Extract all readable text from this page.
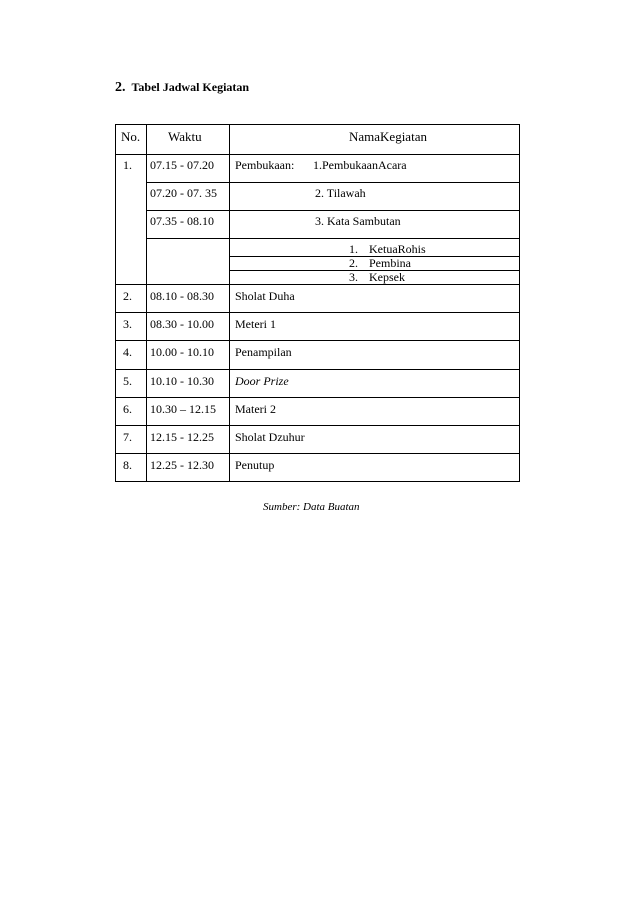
2. Tabel Jadwal Kegiatan
No. Waktu	NamaKegiatan
1. 07.15 - 07.20 Pembukaan: 1.PembukaanAcara
07.20 - 07. 35	2. Tilawah
07.35 - 08.10	3. Kata Sambutan
1. KetuaRohis
2. Pembina
3. Kepsek
2. 08.10 - 08.30 Sholat Duha
3. 08.30 - 10.00 Meteri 1
4. 10.00 - 10.10 Penampilan
5. 10.10 - 10.30 Door Prize
6. 10.30 – 12.15 Materi 2
7. 12.15 - 12.25 Sholat Dzuhur
8. 12.25 - 12.30 Penutup
Sumber: Data Buatan
